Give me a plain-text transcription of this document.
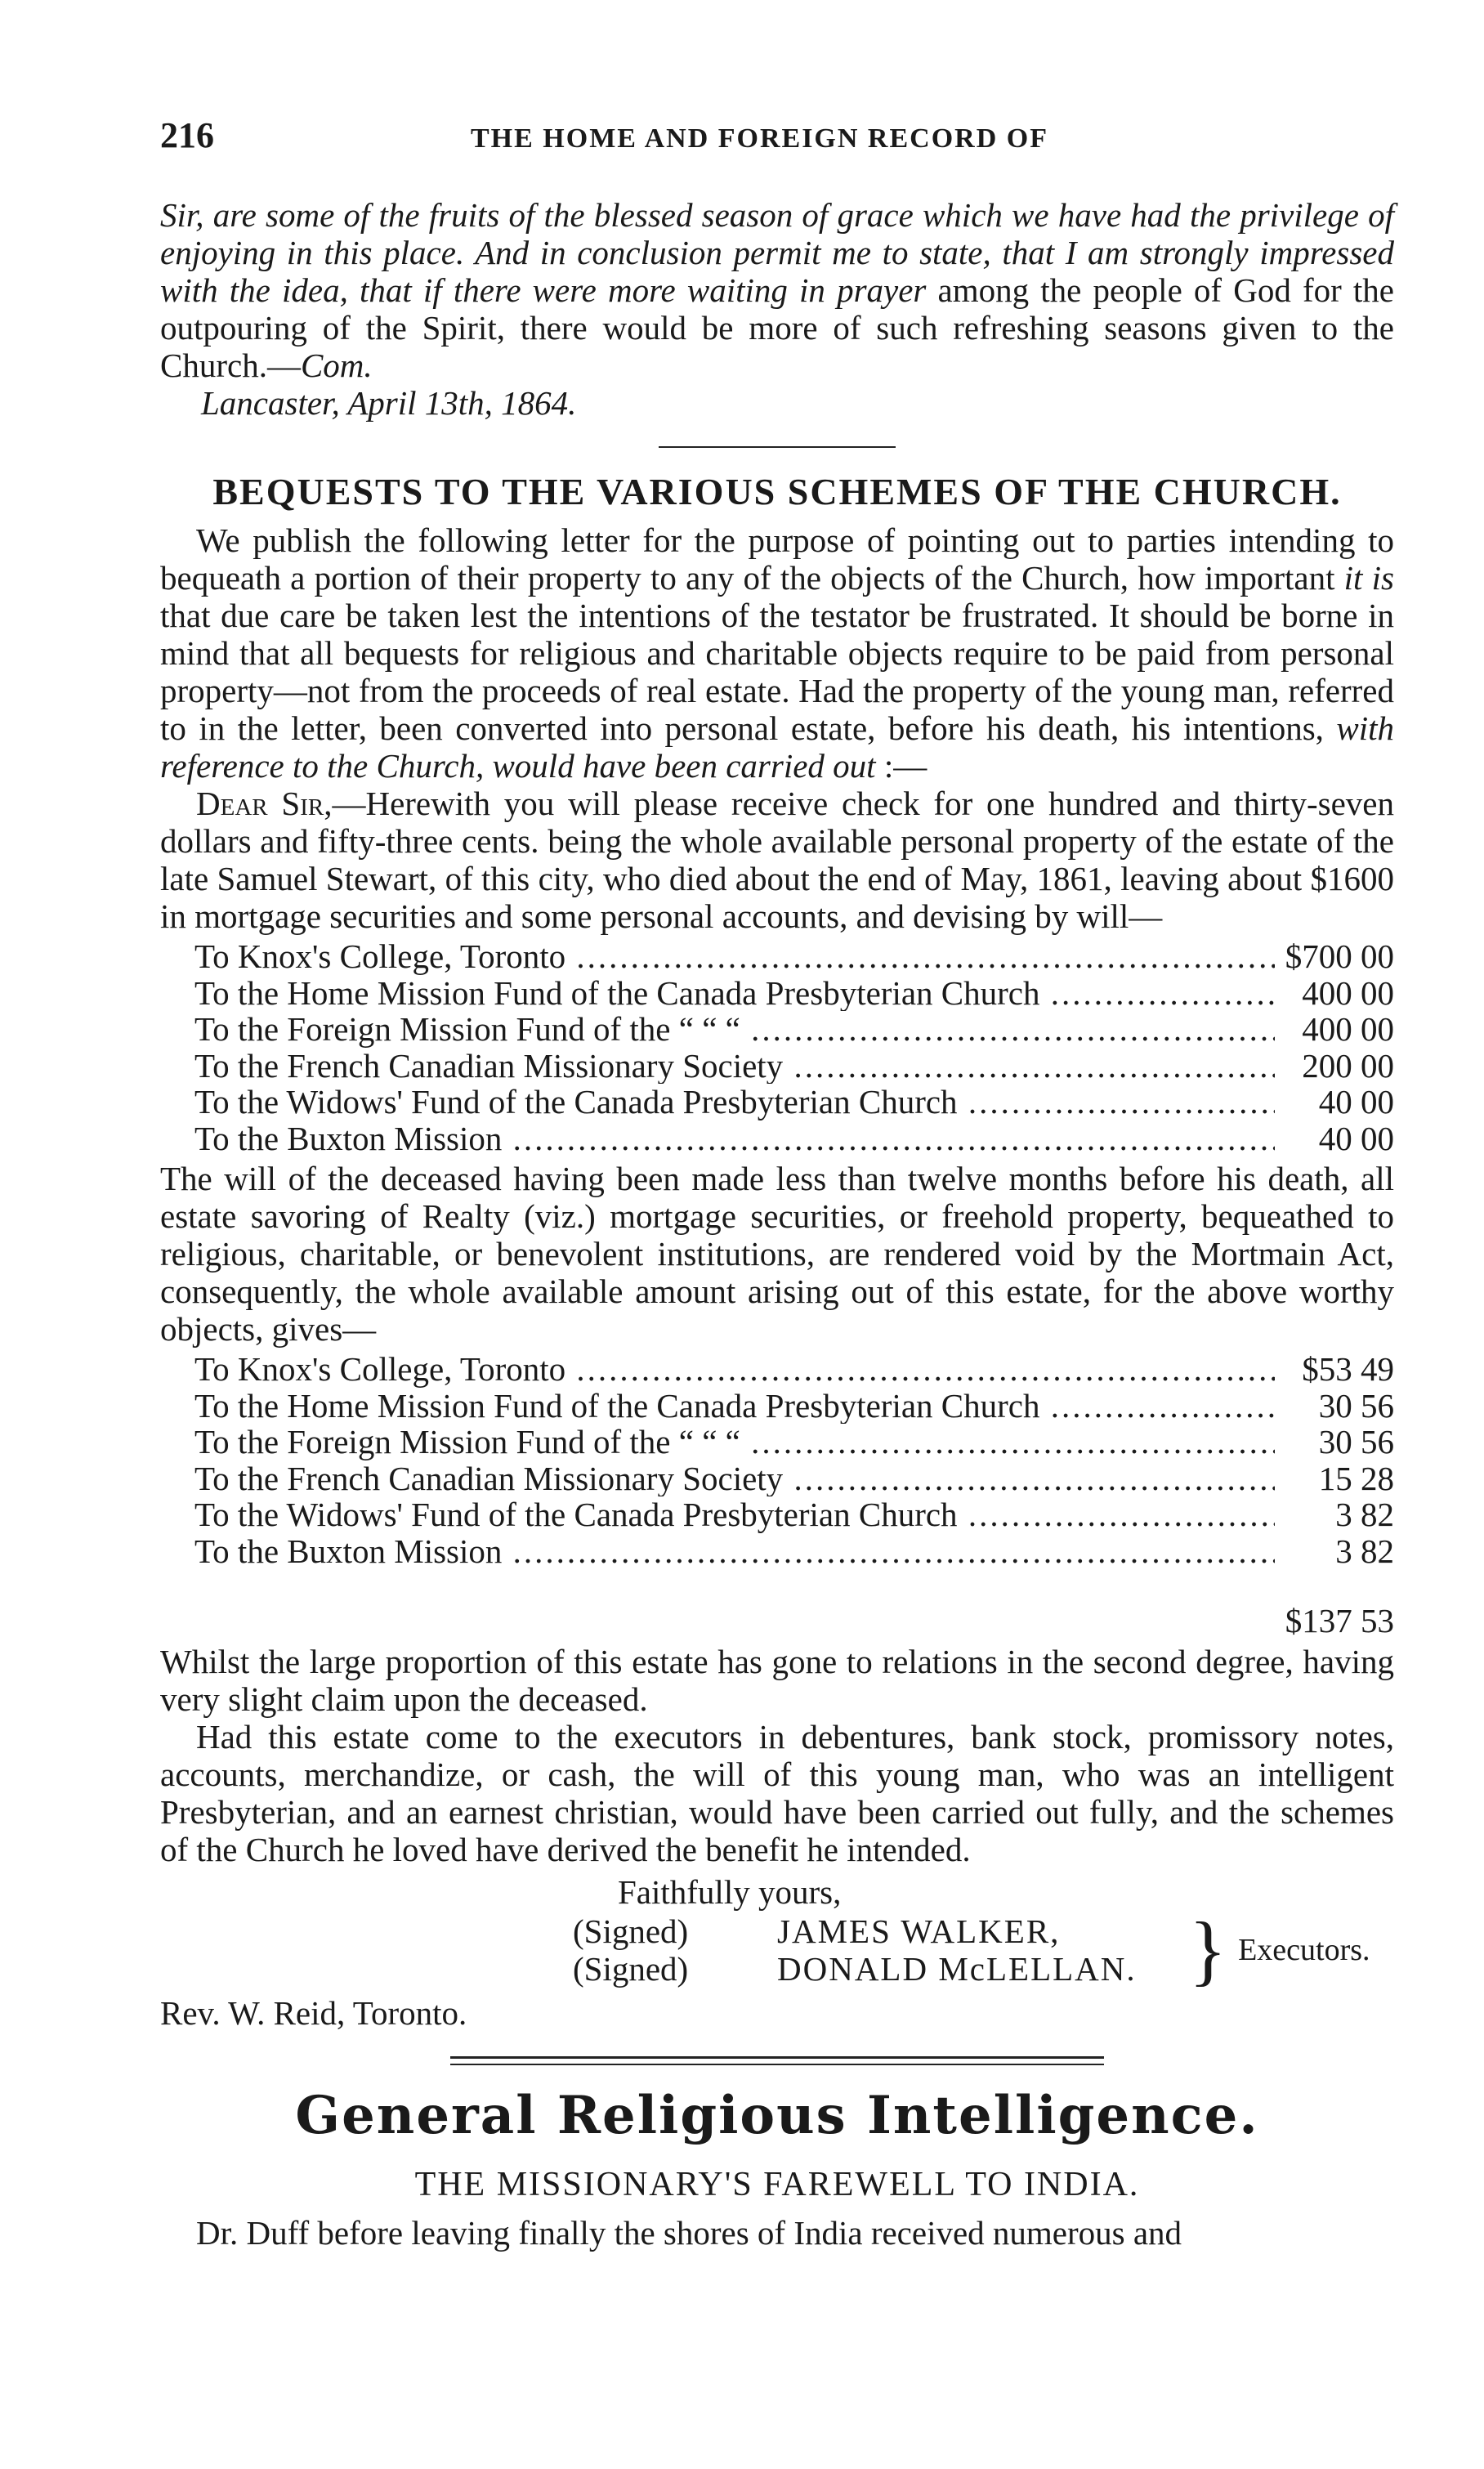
216	THE HOME AND FOREIGN RECORD OF

Sir, are some of the fruits of the blessed season of grace which we have had the privilege of enjoying in this place. And in conclusion permit me to state, that I am strongly impressed with the idea, that if there were more waiting in prayer among the people of God for the outpouring of the Spirit, there would be more of such refreshing seasons given to the Church.—Com.

Lancaster, April 13th, 1864.

BEQUESTS TO THE VARIOUS SCHEMES OF THE CHURCH.

We publish the following letter for the purpose of pointing out to parties intending to bequeath a portion of their property to any of the objects of the Church, how important it is that due care be taken lest the intentions of the testator be frustrated. It should be borne in mind that all bequests for religious and charitable objects require to be paid from personal property—not from the proceeds of real estate. Had the property of the young man, referred to in the letter, been converted into personal estate, before his death, his intentions, with reference to the Church, would have been carried out :—

Dear Sir,—Herewith you will please receive check for one hundred and thirty-seven dollars and fifty-three cents. being the whole available personal property of the estate of the late Samuel Stewart, of this city, who died about the end of May, 1861, leaving about $1600 in mortgage securities and some personal accounts, and devising by will—

To Knox's College, Toronto .....	$700 00
To the Home Mission Fund of the Canada Presbyterian Church .....	400 00
To the Foreign Mission Fund of the “ “ “ .....	400 00
To the French Canadian Missionary Society .....	200 00
To the Widows' Fund of the Canada Presbyterian Church .....	40 00
To the Buxton Mission .....	40 00

The will of the deceased having been made less than twelve months before his death, all estate savoring of Realty (viz.) mortgage securities, or freehold property, bequeathed to religious, charitable, or benevolent institutions, are rendered void by the Mortmain Act, consequently, the whole available amount arising out of this estate, for the above worthy objects, gives—

To Knox's College, Toronto .....	$53 49
To the Home Mission Fund of the Canada Presbyterian Church .....	30 56
To the Foreign Mission Fund of the “ “ “ .....	30 56
To the French Canadian Missionary Society .....	15 28
To the Widows' Fund of the Canada Presbyterian Church .....	3 82
To the Buxton Mission .....	3 82
$137 53

Whilst the large proportion of this estate has gone to relations in the second degree, having very slight claim upon the deceased.

Had this estate come to the executors in debentures, bank stock, promissory notes, accounts, merchandize, or cash, the will of this young man, who was an intelligent Presbyterian, and an earnest christian, would have been carried out fully, and the schemes of the Church he loved have derived the benefit he intended.

Faithfully yours,
(Signed)	JAMES WALKER,
(Signed)	DONALD McLELLAN. } Executors.
Rev. W. Reid, Toronto.
General Religious Intelligence.
THE MISSIONARY'S FAREWELL TO INDIA.

Dr. Duff before leaving finally the shores of India received numerous and
